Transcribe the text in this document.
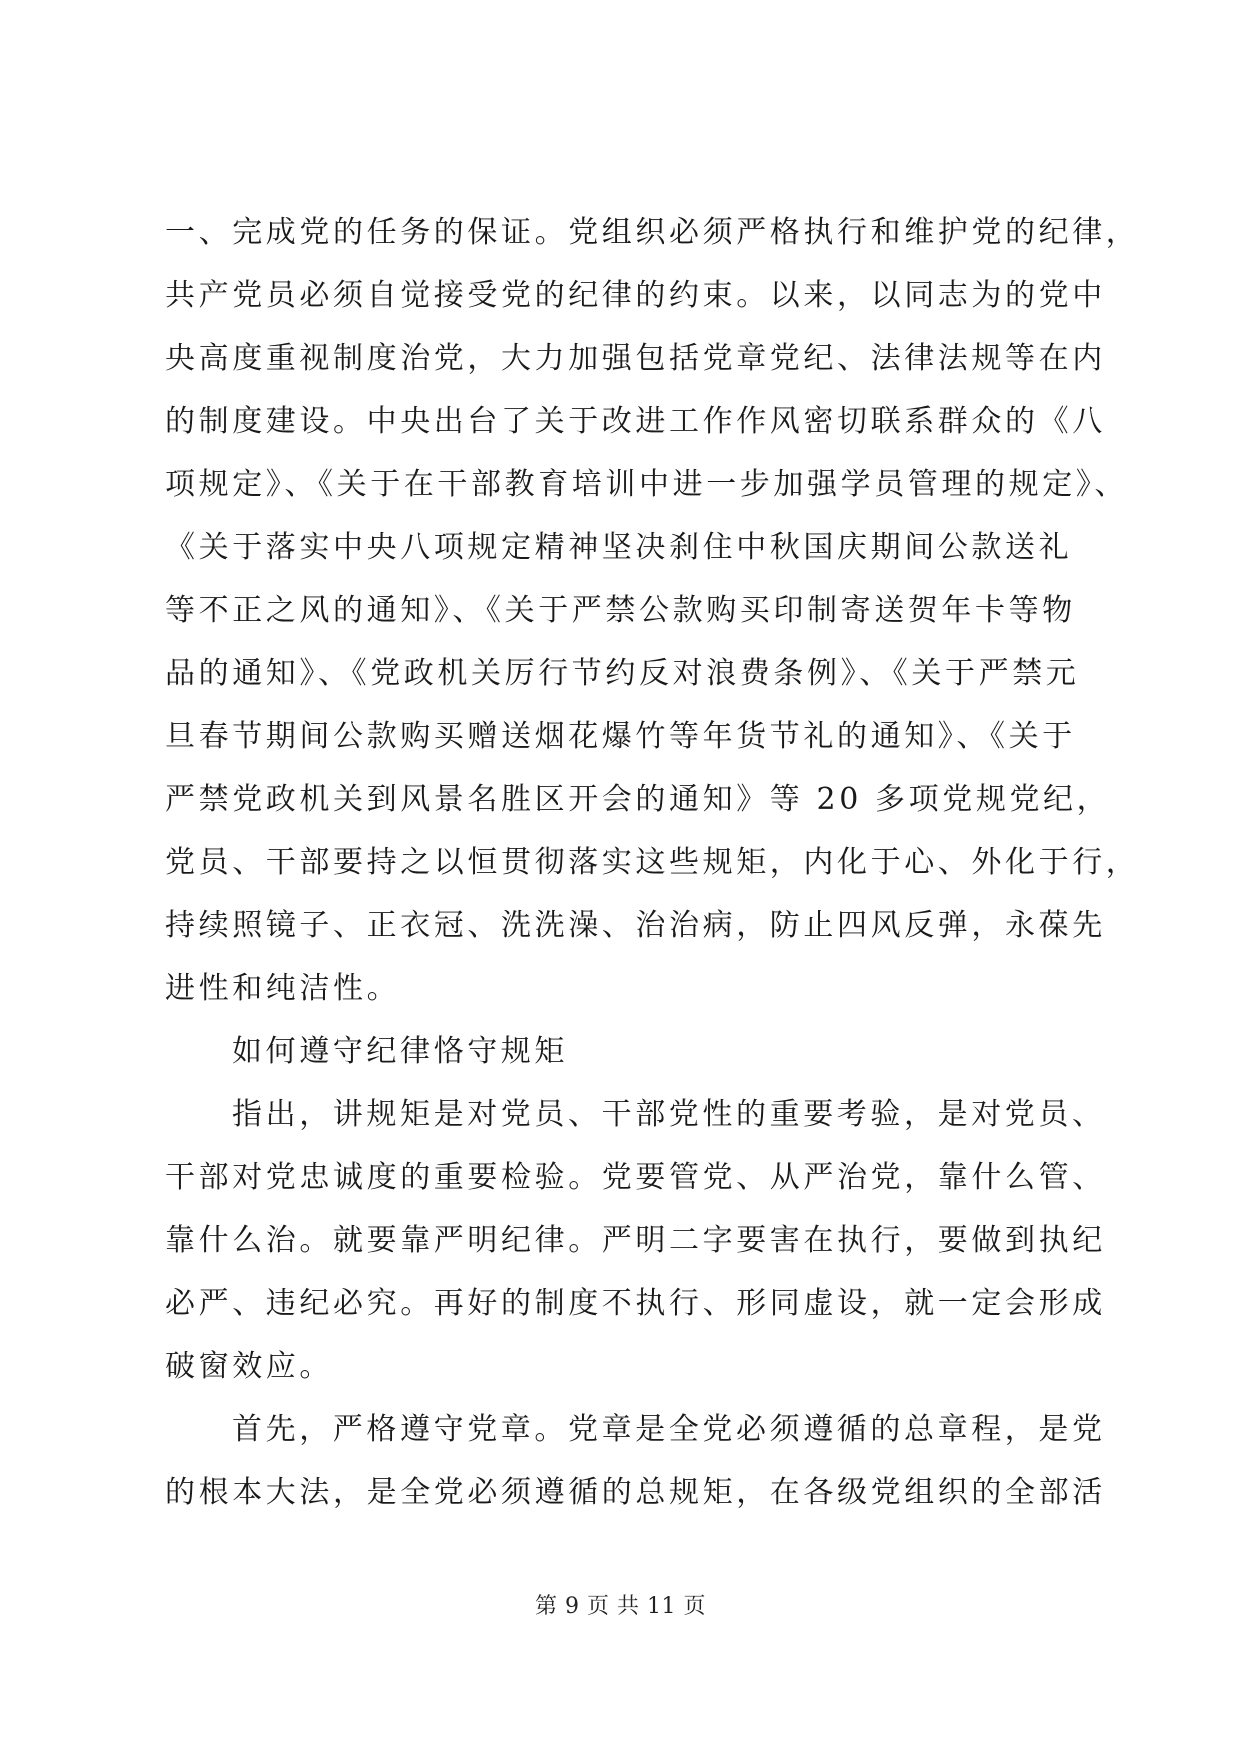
一、完成党的任务的保证。党组织必须严格执行和维护党的纪律，
共产党员必须自觉接受党的纪律的约束。以来，以同志为的党中
央高度重视制度治党，大力加强包括党章党纪、法律法规等在内
的制度建设。中央出台了关于改进工作作风密切联系群众的《八
项规定》、《关于在干部教育培训中进一步加强学员管理的规定》、
《关于落实中央八项规定精神坚决刹住中秋国庆期间公款送礼
等不正之风的通知》、《关于严禁公款购买印制寄送贺年卡等物
品的通知》、《党政机关厉行节约反对浪费条例》、《关于严禁元
旦春节期间公款购买赠送烟花爆竹等年货节礼的通知》、《关于
严禁党政机关到风景名胜区开会的通知》等 20 多项党规党纪，
党员、干部要持之以恒贯彻落实这些规矩，内化于心、外化于行，
持续照镜子、正衣冠、洗洗澡、治治病，防止四风反弹，永葆先
进性和纯洁性。
如何遵守纪律恪守规矩
指出，讲规矩是对党员、干部党性的重要考验，是对党员、
干部对党忠诚度的重要检验。党要管党、从严治党，靠什么管、
靠什么治。就要靠严明纪律。严明二字要害在执行，要做到执纪
必严、违纪必究。再好的制度不执行、形同虚设，就一定会形成
破窗效应。
首先，严格遵守党章。党章是全党必须遵循的总章程，是党
的根本大法，是全党必须遵循的总规矩，在各级党组织的全部活
第 9 页 共 11 页
